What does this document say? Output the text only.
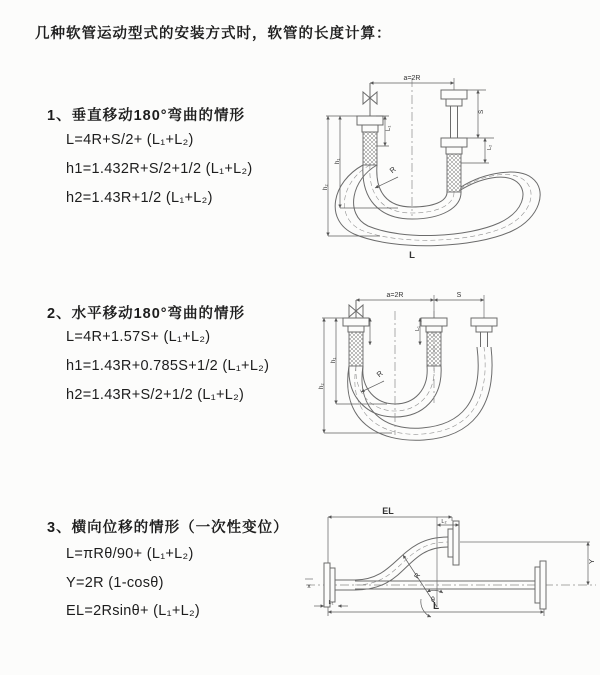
几种软管运动型式的安装方式时，软管的长度计算：
1、垂直移动180°弯曲的情形
L=4R+S/2+ (L₁+L₂)
h1=1.432R+S/2+1/2 (L₁+L₂)
h2=1.43R+1/2 (L₁+L₂)
2、水平移动180°弯曲的情形
L=4R+1.57S+ (L₁+L₂)
h1=1.43R+0.785S+1/2 (L₁+L₂)
h2=1.43R+S/2+1/2 (L₁+L₂)
3、横向位移的情形（一次性变位）
L=πRθ/90+ (L₁+L₂)
Y=2R (1-cosθ)
EL=2Rsinθ+ (L₁+L₂)
a=2R
L₁
S
L₂
h₁
h₂
R
L
a=2R	S
L₁
h₁
h₂
R
x
R
θ
EL
L₂
Y
L₁	L
